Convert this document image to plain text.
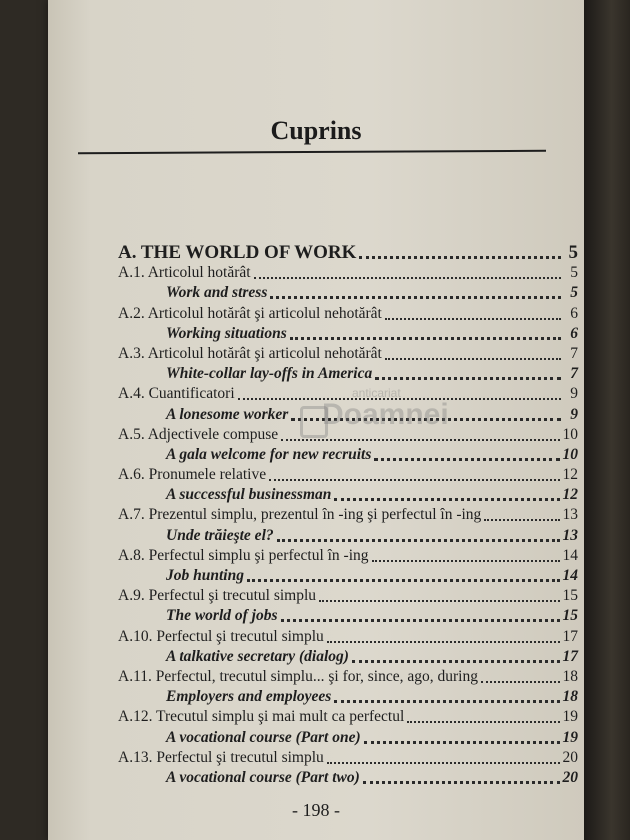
Cuprins
A. THE WORLD OF WORK	5
A.1. Articolul hotărât	5
Work and stress	5
A.2. Articolul hotărât şi articolul nehotărât	6
Working situations	6
A.3. Articolul hotărât şi articolul nehotărât	7
White-collar lay-offs in America	7
A.4. Cuantificatori	9
A lonesome worker	9
A.5. Adjectivele compuse	10
A gala welcome for new recruits	10
A.6. Pronumele relative	12
A successful businessman	12
A.7. Prezentul simplu, prezentul în -ing şi perfectul în -ing	13
Unde trăieşte el?	13
A.8. Perfectul simplu şi perfectul în -ing	14
Job hunting	14
A.9. Perfectul şi trecutul simplu	15
The world of jobs	15
A.10. Perfectul şi trecutul simplu	17
A talkative secretary (dialog)	17
A.11. Perfectul, trecutul simplu... şi for, since, ago, during	18
Employers and employees	18
A.12. Trecutul simplu şi mai mult ca perfectul	19
A vocational course (Part one)	19
A.13. Perfectul şi trecutul simplu	20
A vocational course (Part two)	20
anticariat
Doamnei
- 198 -
